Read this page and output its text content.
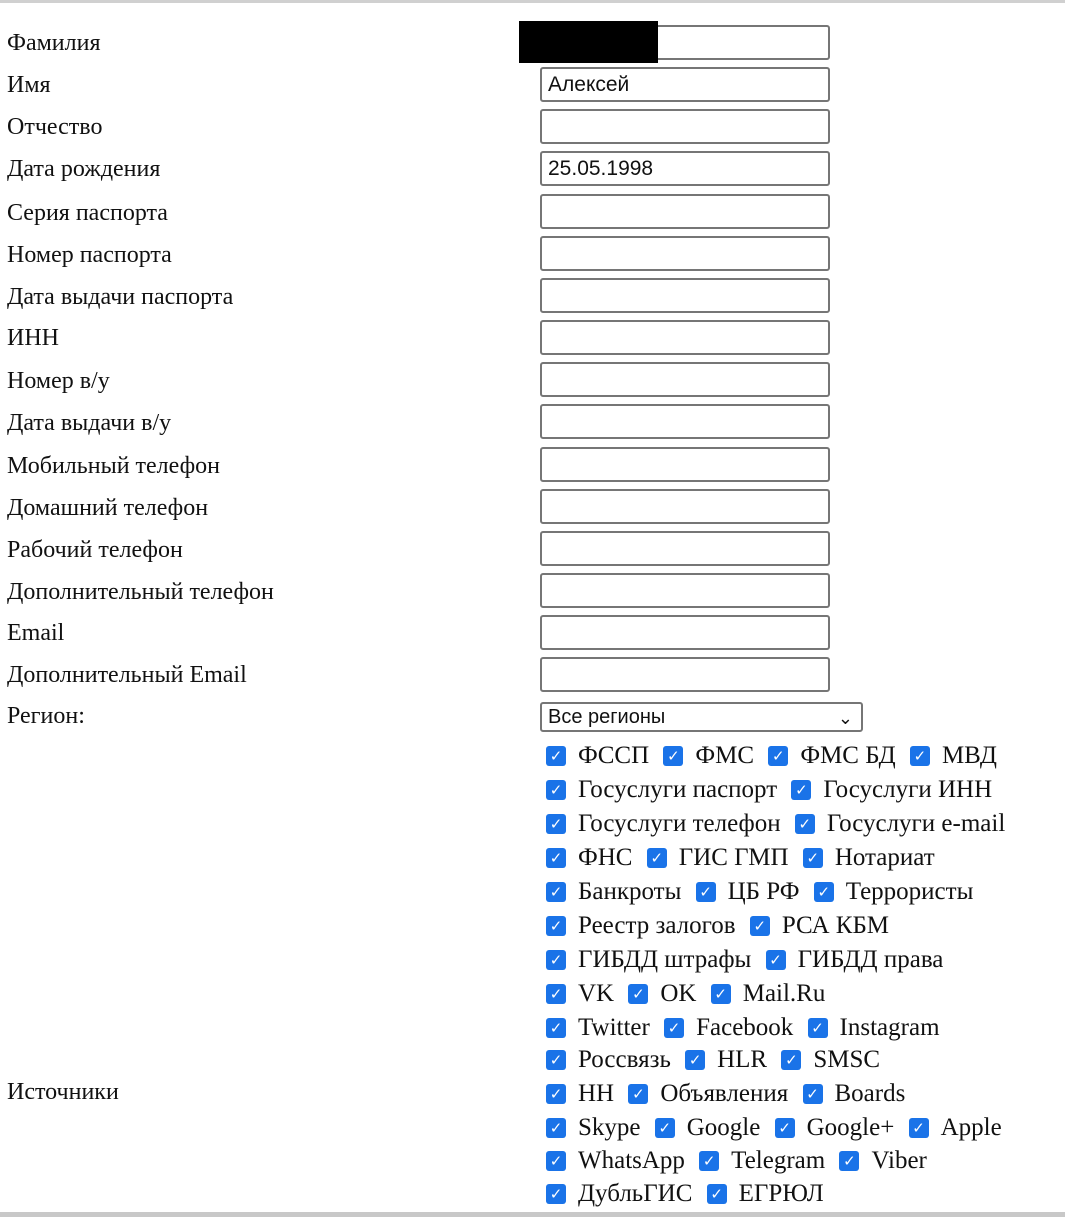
Фамилия
Имя
Отчество
Дата рождения
Серия паспорта
Номер паспорта
Дата выдачи паспорта
ИНН
Номер в/у
Дата выдачи в/у
Мобильный телефон
Домашний телефон
Рабочий телефон
Дополнительный телефон
Email
Дополнительный Email
Регион:
Источники
Алексей
25.05.1998
Все регионы	⌄
✓ ФССП
✓ ФМС
✓ ФМС БД
✓ МВД
✓ Госуслуги паспорт
✓ Госуслуги ИНН
✓ Госуслуги телефон
✓ Госуслуги e-mail
✓ ФНС
✓ ГИС ГМП
✓ Нотариат
✓ Банкроты
✓ ЦБ РФ
✓ Террористы
✓ Реестр залогов
✓ РСА КБМ
✓ ГИБДД штрафы
✓ ГИБДД права
✓ VK
✓ OK
✓ Mail.Ru
✓ Twitter
✓ Facebook
✓ Instagram
✓ Россвязь
✓ HLR
✓ SMSC
✓ НН
✓ Объявления
✓ Boards
✓ Skype
✓ Google
✓ Google+
✓ Apple
✓ WhatsApp
✓ Telegram
✓ Viber
✓ ДубльГИС
✓ ЕГРЮЛ
